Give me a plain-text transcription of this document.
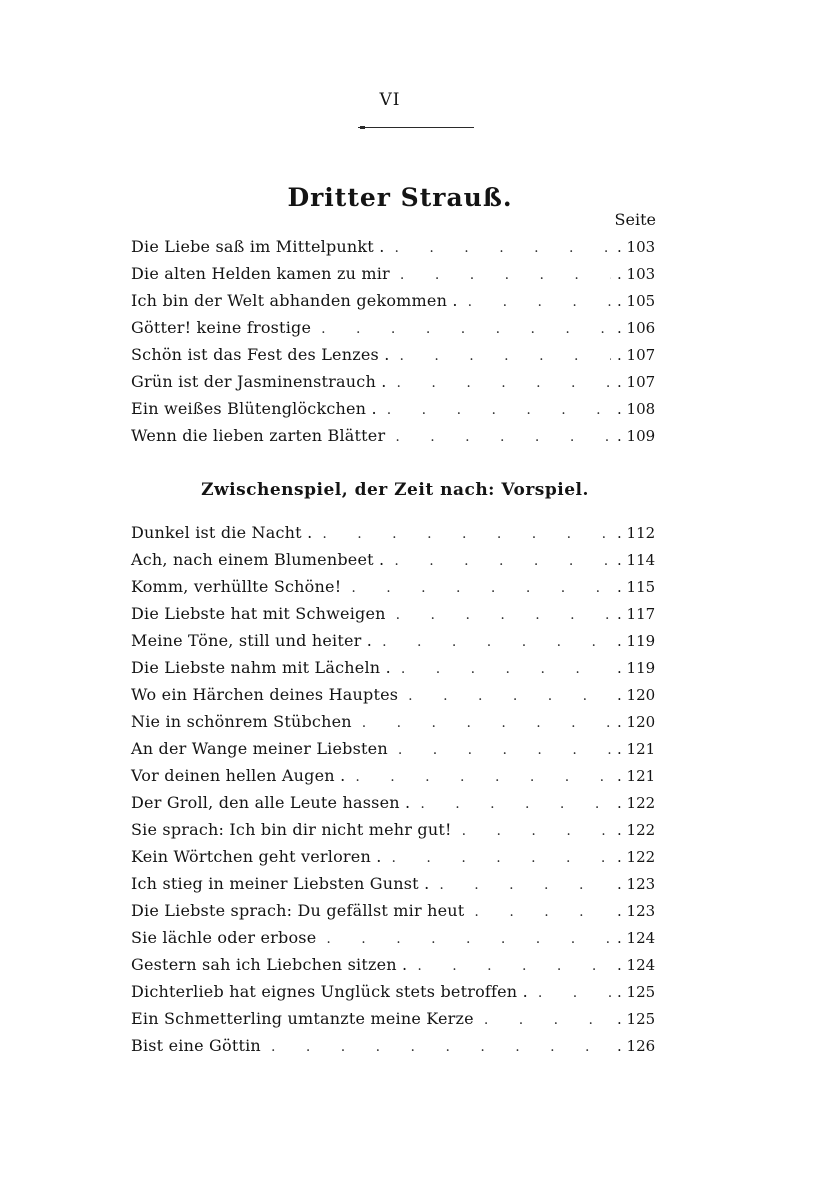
VI
Dritter Strauß.
Seite
Die Liebe saß im Mittelpunkt . . . .	. 103
Die alten Helden kamen zu mir . . .	. 103
Ich bin der Welt abhanden gekommen . . . .	. 105
Götter! keine frostige . . .	. 106
Schön ist das Fest des Lenzes . . . .	. 107
Grün ist der Jasminenstrauch . . . .	. 107
Ein weißes Blütenglöckchen . . . .	. 108
Wenn die lieben zarten Blätter . . .	. 109
Zwischenspiel, der Zeit nach: Vorspiel.
Dunkel ist die Nacht . . . .	. 112
Ach, nach einem Blumenbeet . . . .	. 114
Komm, verhüllte Schöne! . . .	. 115
Die Liebste hat mit Schweigen . . .	. 117
Meine Töne, still und heiter . . . .	. 119
Die Liebste nahm mit Lächeln . . . .	. 119
Wo ein Härchen deines Hauptes . . .	. 120
Nie in schönrem Stübchen . . .	. 120
An der Wange meiner Liebsten . . .	. 121
Vor deinen hellen Augen . . . .	. 121
Der Groll, den alle Leute hassen . . . .	. 122
Sie sprach: Ich bin dir nicht mehr gut! . . .	. 122
Kein Wörtchen geht verloren . . . .	. 122
Ich stieg in meiner Liebsten Gunst . . . .	. 123
Die Liebste sprach: Du gefällst mir heut . . .	. 123
Sie lächle oder erbose . . .	. 124
Gestern sah ich Liebchen sitzen . . . .	. 124
Dichterlieb hat eignes Unglück stets betroffen . . . .	. 125
Ein Schmetterling umtanzte meine Kerze . . .	. 125
Bist eine Göttin . . .	. 126
